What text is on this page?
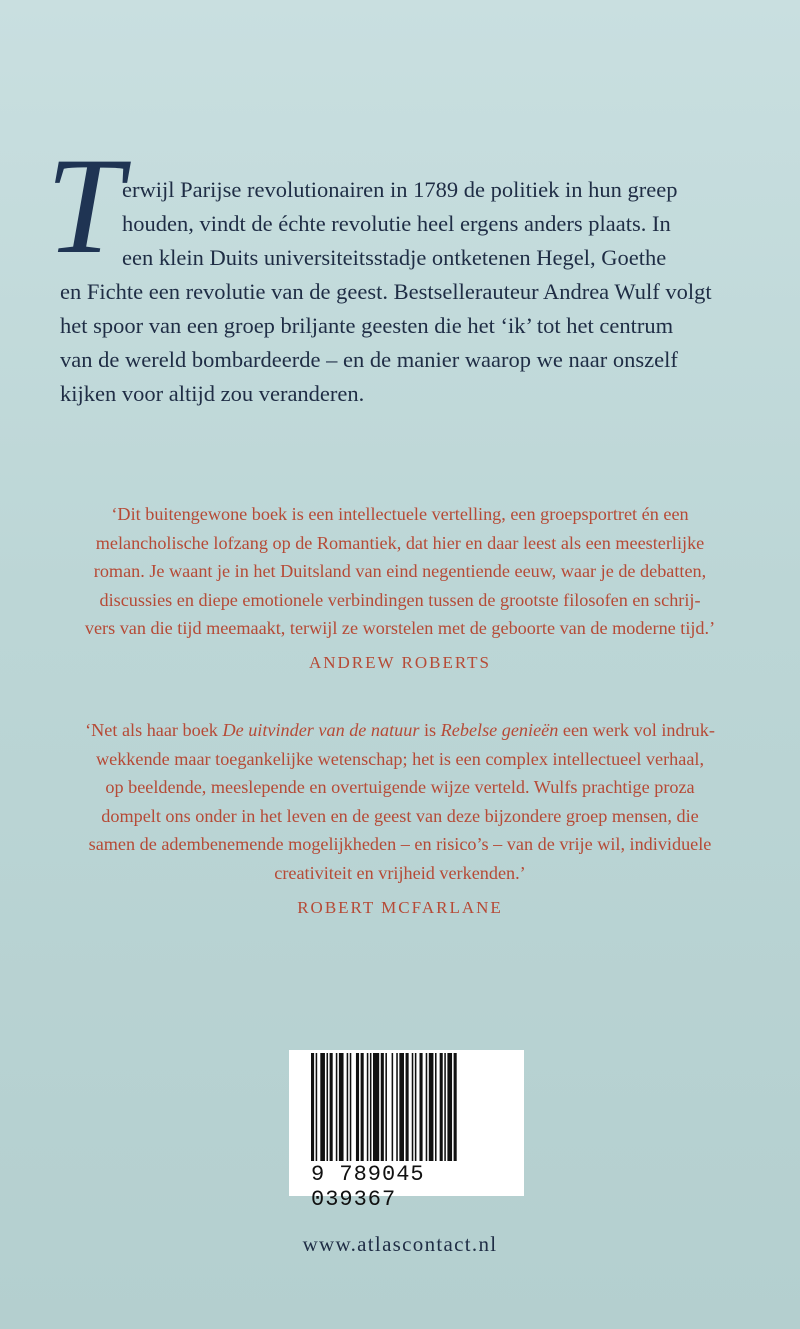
T erwijl Parijse revolutionairen in 1789 de politiek in hun greep
houden, vindt de échte revolutie heel ergens anders plaats. In
een klein Duits universiteitsstadje ontketenen Hegel, Goethe
en Fichte een revolutie van de geest. Bestsellerauteur Andrea Wulf volgt
het spoor van een groep briljante geesten die het ‘ik’ tot het centrum
van de wereld bombardeerde – en de manier waarop we naar onszelf
kijken voor altijd zou veranderen.
‘Dit buitengewone boek is een intellectuele vertelling, een groepsportret én een
melancholische lofzang op de Romantiek, dat hier en daar leest als een meesterlijke
roman. Je waant je in het Duitsland van eind negentiende eeuw, waar je de debatten,
discussies en diepe emotionele verbindingen tussen de grootste filosofen en schrij-
vers van die tijd meemaakt, terwijl ze worstelen met de geboorte van de moderne tijd.’
ANDREW ROBERTS
‘Net als haar boek De uitvinder van de natuur is Rebelse genieën een werk vol indruk-
wekkende maar toegankelijke wetenschap; het is een complex intellectueel verhaal,
op beeldende, meeslepende en overtuigende wijze verteld. Wulfs prachtige proza
dompelt ons onder in het leven en de geest van deze bijzondere groep mensen, die
samen de adembenemende mogelijkheden – en risico’s – van de vrije wil, individuele
creativiteit en vrijheid verkenden.’
ROBERT MCFARLANE
9 789045 039367
www.atlascontact.nl
